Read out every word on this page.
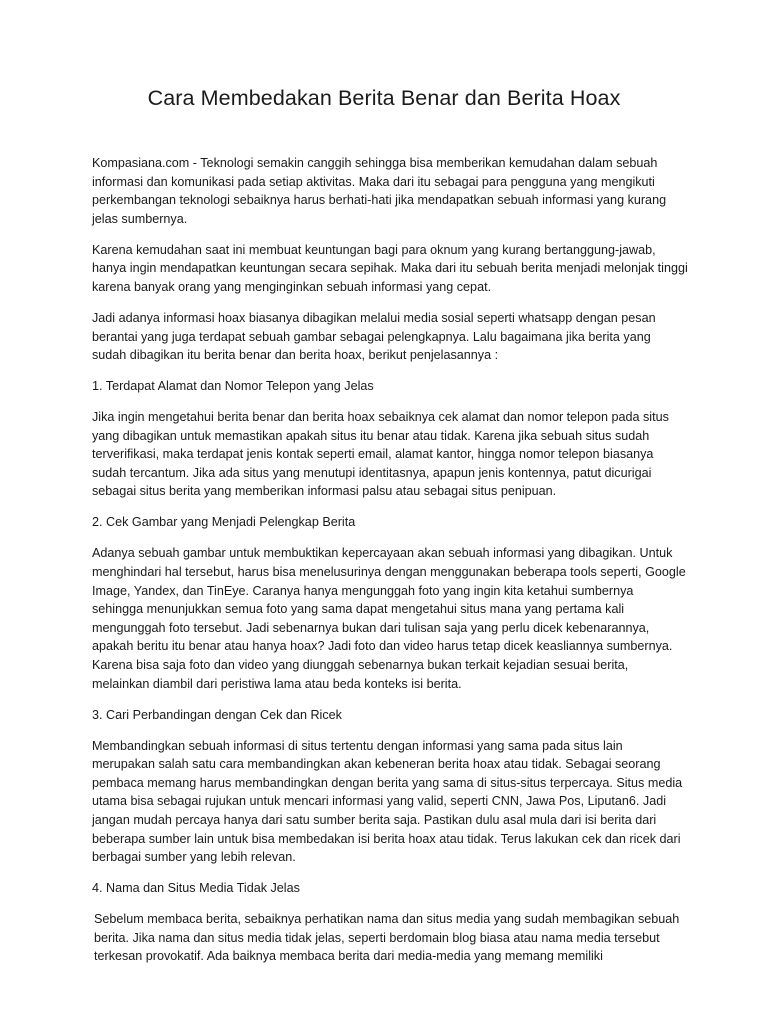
Cara Membedakan Berita Benar dan Berita Hoax

Kompasiana.com - Teknologi semakin canggih sehingga bisa memberikan kemudahan dalam sebuah informasi dan komunikasi pada setiap aktivitas. Maka dari itu sebagai para pengguna yang mengikuti perkembangan teknologi sebaiknya harus berhati-hati jika mendapatkan sebuah informasi yang kurang jelas sumbernya.

Karena kemudahan saat ini membuat keuntungan bagi para oknum yang kurang bertanggung-jawab, hanya ingin mendapatkan keuntungan secara sepihak. Maka dari itu sebuah berita menjadi melonjak tinggi karena banyak orang yang menginginkan sebuah informasi yang cepat.

Jadi adanya informasi hoax biasanya dibagikan melalui media sosial seperti whatsapp dengan pesan berantai yang juga terdapat sebuah gambar sebagai pelengkapnya. Lalu bagaimana jika berita yang sudah dibagikan itu berita benar dan berita hoax, berikut penjelasannya :

1. Terdapat Alamat dan Nomor Telepon yang Jelas

Jika ingin mengetahui berita benar dan berita hoax sebaiknya cek alamat dan nomor telepon pada situs yang dibagikan untuk memastikan apakah situs itu benar atau tidak. Karena jika sebuah situs sudah terverifikasi, maka terdapat jenis kontak seperti email, alamat kantor, hingga nomor telepon biasanya sudah tercantum. Jika ada situs yang menutupi identitasnya, apapun jenis kontennya, patut dicurigai sebagai situs berita yang memberikan informasi palsu atau sebagai situs penipuan.

2. Cek Gambar yang Menjadi Pelengkap Berita

Adanya sebuah gambar untuk membuktikan kepercayaan akan sebuah informasi yang dibagikan. Untuk menghindari hal tersebut, harus bisa menelusurinya dengan menggunakan beberapa tools seperti, Google Image, Yandex, dan TinEye. Caranya hanya mengunggah foto yang ingin kita ketahui sumbernya sehingga menunjukkan semua foto yang sama dapat mengetahui situs mana yang pertama kali mengunggah foto tersebut. Jadi sebenarnya bukan dari tulisan saja yang perlu dicek kebenarannya, apakah beritu itu benar atau hanya hoax? Jadi foto dan video harus tetap dicek keasliannya sumbernya. Karena bisa saja foto dan video yang diunggah sebenarnya bukan terkait kejadian sesuai berita, melainkan diambil dari peristiwa lama atau beda konteks isi berita.

3. Cari Perbandingan dengan Cek dan Ricek

Membandingkan sebuah informasi di situs tertentu dengan informasi yang sama pada situs lain merupakan salah satu cara membandingkan akan kebeneran berita hoax atau tidak. Sebagai seorang pembaca memang harus membandingkan dengan berita yang sama di situs-situs terpercaya. Situs media utama bisa sebagai rujukan untuk mencari informasi yang valid, seperti CNN, Jawa Pos, Liputan6. Jadi jangan mudah percaya hanya dari satu sumber berita saja. Pastikan dulu asal mula dari isi berita dari beberapa sumber lain untuk bisa membedakan isi berita hoax atau tidak. Terus lakukan cek dan ricek dari berbagai sumber yang lebih relevan.

4. Nama dan Situs Media Tidak Jelas

Sebelum membaca berita, sebaiknya perhatikan nama dan situs media yang sudah membagikan sebuah berita. Jika nama dan situs media tidak jelas, seperti berdomain blog biasa atau nama media tersebut terkesan provokatif. Ada baiknya membaca berita dari media-media yang memang memiliki
